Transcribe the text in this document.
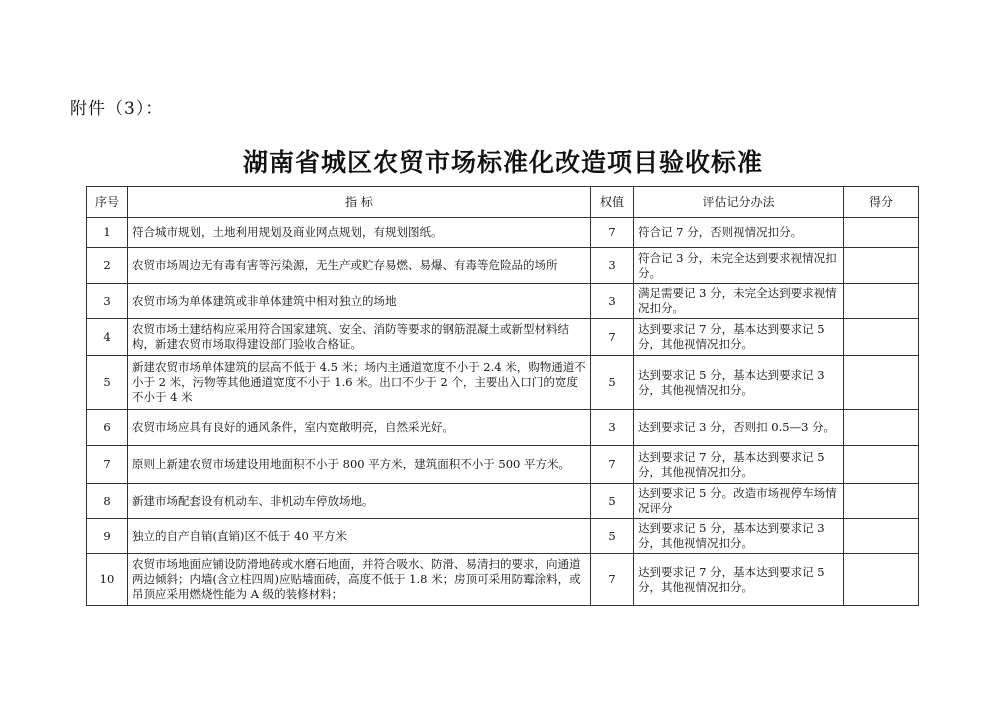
附件（3）：
湖南省城区农贸市场标准化改造项目验收标准
序号	指 标	权值	评估记分办法	得分
1	符合城市规划，土地利用规划及商业网点规划，有规划图纸。	7	符合记 7 分，否则视情况扣分。	
2	农贸市场周边无有毒有害等污染源，无生产或贮存易燃、易爆、有毒等危险品的场所	3	符合记 3 分，未完全达到要求视情况扣分。	
3	农贸市场为单体建筑或非单体建筑中相对独立的场地	3	满足需要记 3 分，未完全达到要求视情况扣分。	
4	农贸市场土建结构应采用符合国家建筑、安全、消防等要求的钢筋混凝土或新型材料结构，新建农贸市场取得建设部门验收合格证。	7	达到要求记 7 分，基本达到要求记 5 分，其他视情况扣分。	
5	新建农贸市场单体建筑的层高不低于 4.5 米；场内主通道宽度不小于 2.4 米，购物通道不小于 2 米，污物等其他通道宽度不小于 1.6 米。出口不少于 2 个，主要出入口门的宽度不小于 4 米	5	达到要求记 5 分，基本达到要求记 3 分，其他视情况扣分。	
6	农贸市场应具有良好的通风条件，室内宽敞明亮，自然采光好。	3	达到要求记 3 分，否则扣 0.5—3 分。	
7	原则上新建农贸市场建设用地面积不小于 800 平方米，建筑面积不小于 500 平方米。	7	达到要求记 7 分，基本达到要求记 5 分，其他视情况扣分。	
8	新建市场配套设有机动车、非机动车停放场地。	5	达到要求记 5 分。改造市场视停车场情况评分	
9	独立的自产自销(直销)区不低于 40 平方米	5	达到要求记 5 分，基本达到要求记 3 分，其他视情况扣分。	
10	农贸市场地面应铺设防滑地砖或水磨石地面，并符合吸水、防滑、易清扫的要求，向通道两边倾斜；内墙(含立柱四周)应贴墙面砖，高度不低于 1.8 米；房顶可采用防霉涂料，或吊顶应采用燃烧性能为 A 级的装修材料；	7	达到要求记 7 分，基本达到要求记 5 分，其他视情况扣分。	
